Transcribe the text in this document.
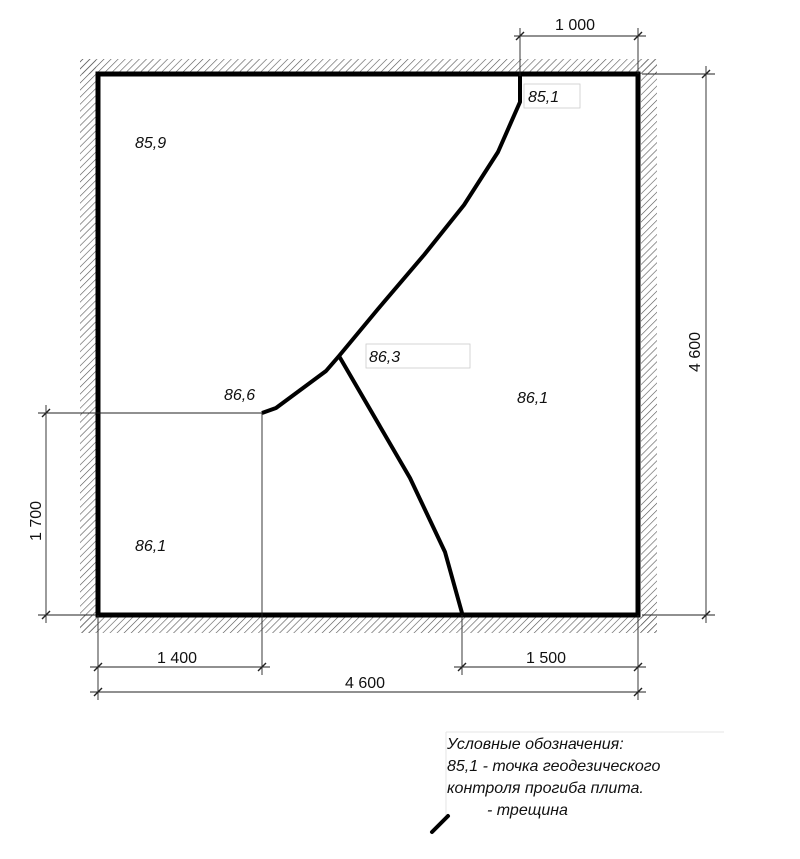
85,9
85,1
86,3
86,6	86,1
86,1
1 000
4 600
1 700
1 400	1 500
4 600
Условные обозначения:
85,1 - точка геодезического
контроля прогиба плита.
- трещина
